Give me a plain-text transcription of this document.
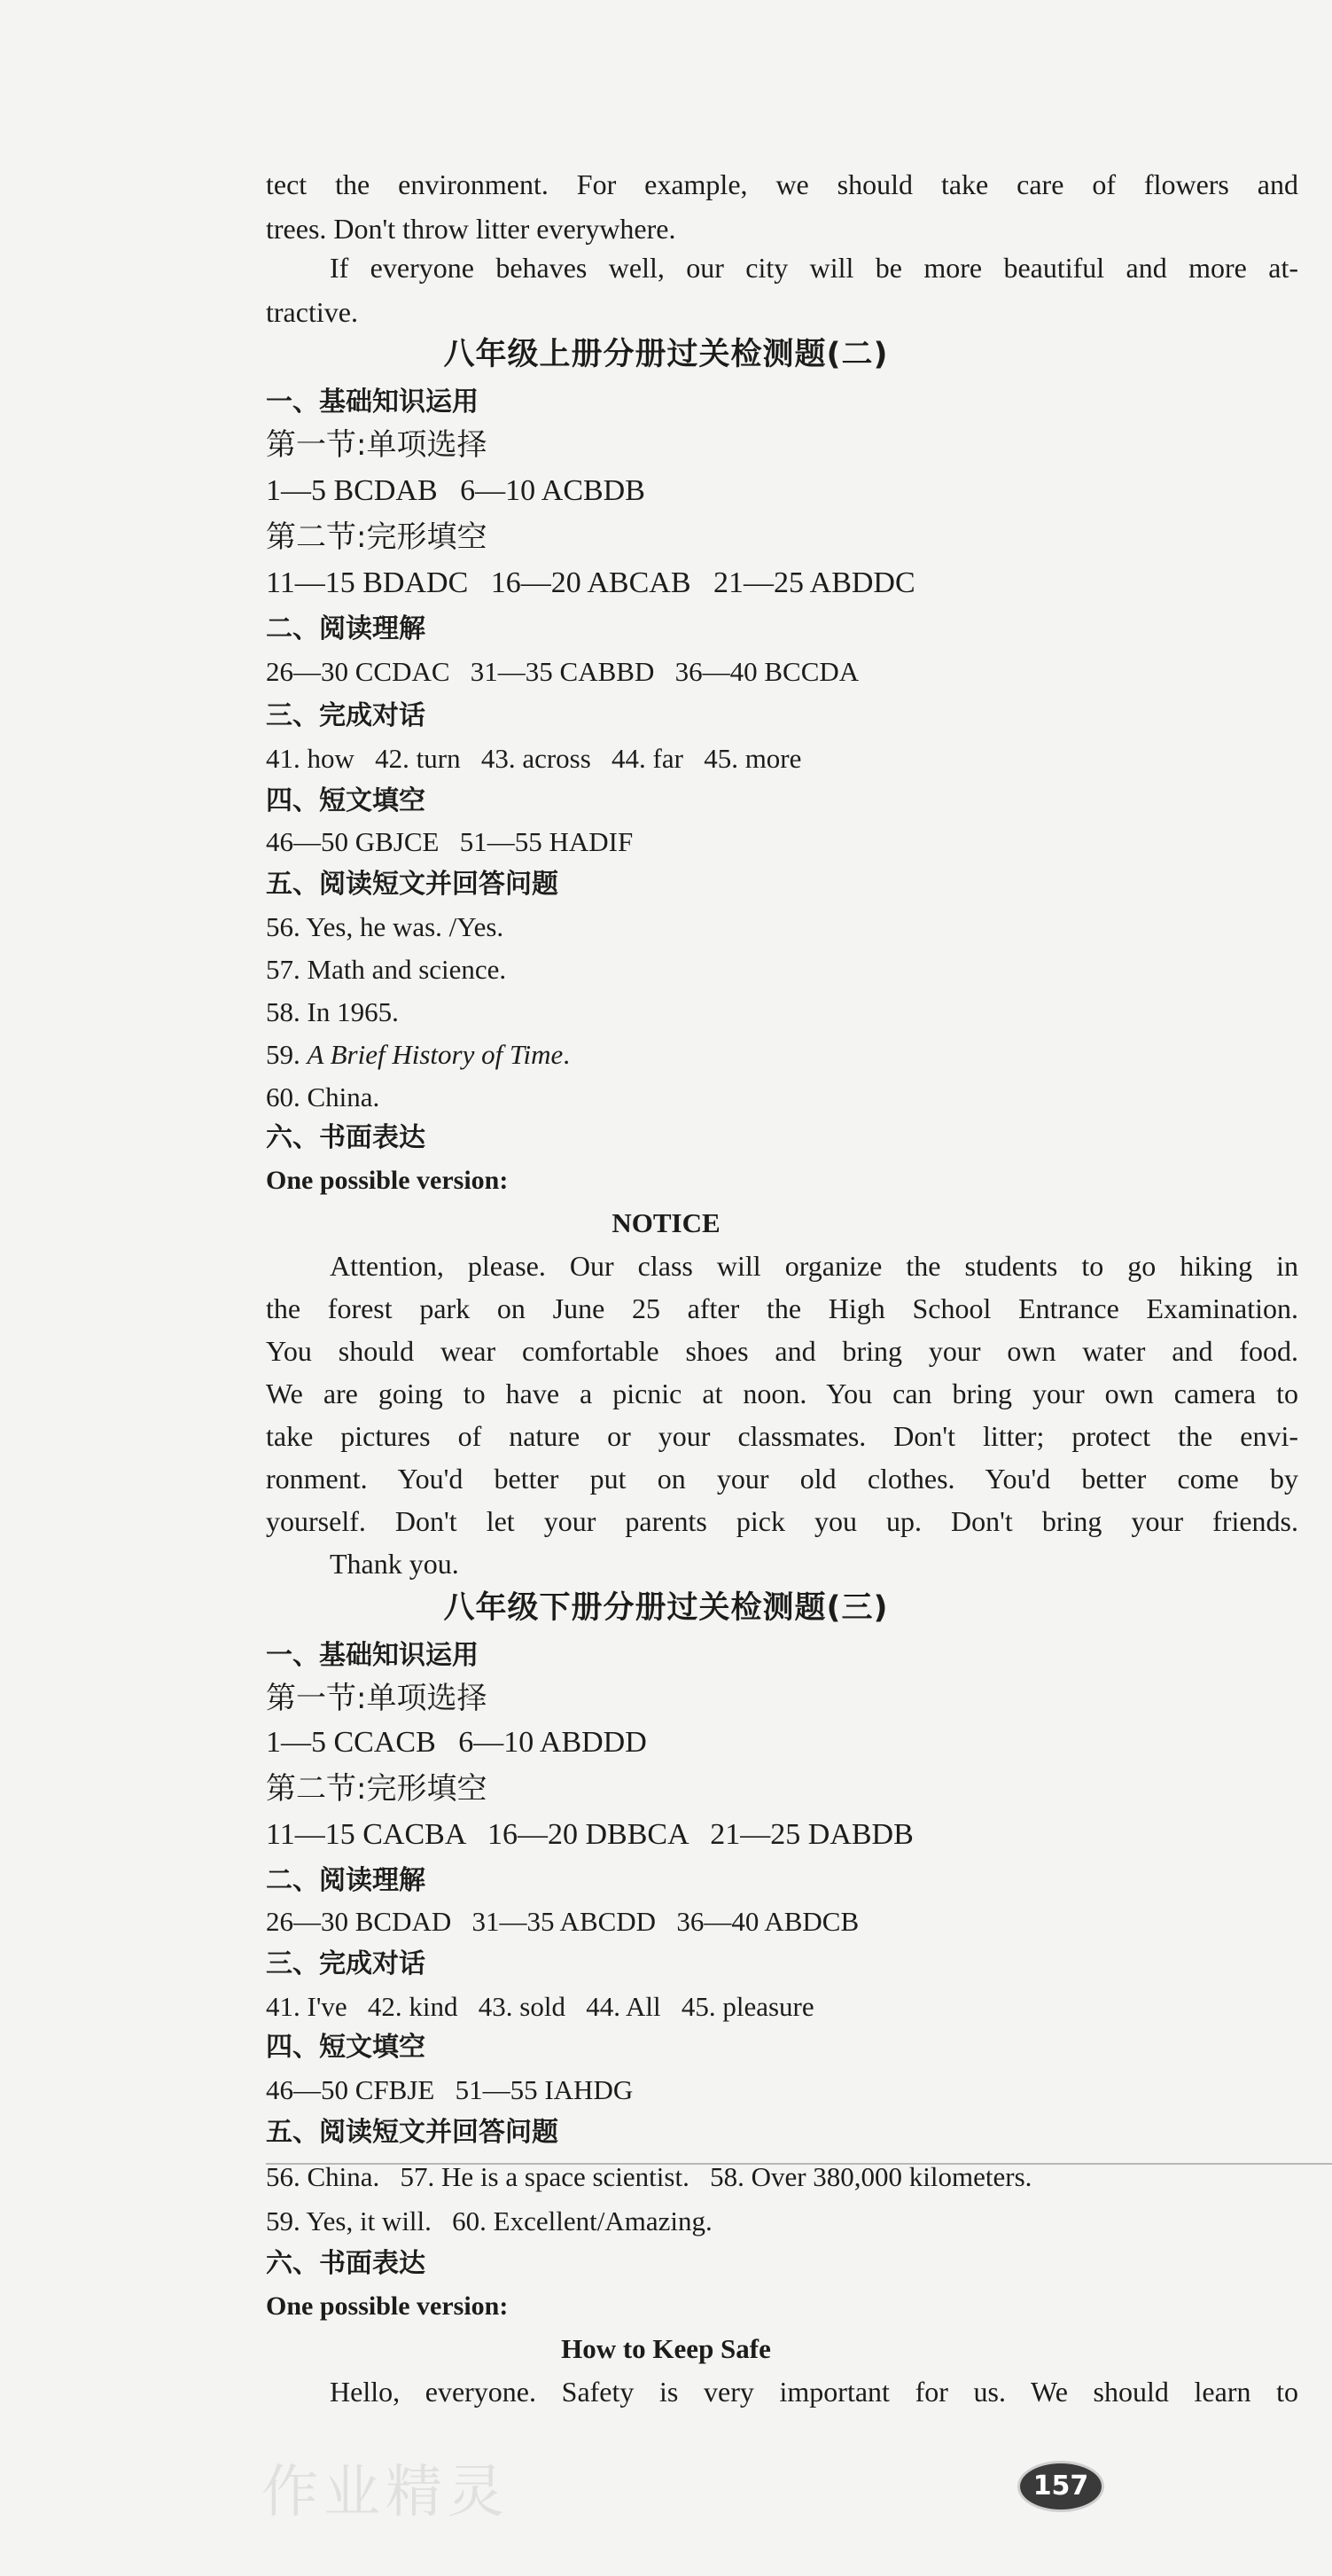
tect the environment. For example, we should take care of flowers and
trees. Don't throw litter everywhere.
If everyone behaves well, our city will be more beautiful and more at-
tractive.
八年级上册分册过关检测题(二)
一、基础知识运用
第一节:单项选择
1—5 BCDAB   6—10 ACBDB
第二节:完形填空
11—15 BDADC   16—20 ABCAB   21—25 ABDDC
二、阅读理解
26—30 CCDAC   31—35 CABBD   36—40 BCCDA
三、完成对话
41. how   42. turn   43. across   44. far   45. more
四、短文填空
46—50 GBJCE   51—55 HADIF
五、阅读短文并回答问题
56. Yes, he was. /Yes.
57. Math and science.
58. In 1965.
59. A Brief History of Time.
60. China.
六、书面表达
One possible version:
NOTICE
Attention, please. Our class will organize the students to go hiking in
the forest park on June 25 after the High School Entrance Examination.
You should wear comfortable shoes and bring your own water and food.
We are going to have a picnic at noon. You can bring your own camera to
take pictures of nature or your classmates. Don't litter; protect the envi-
ronment. You'd better put on your old clothes. You'd better come by
yourself. Don't let your parents pick you up. Don't bring your friends.
Thank you.
八年级下册分册过关检测题(三)
一、基础知识运用
第一节:单项选择
1—5 CCACB   6—10 ABDDD
第二节:完形填空
11—15 CACBA   16—20 DBBCA   21—25 DABDB
二、阅读理解
26—30 BCDAD   31—35 ABCDD   36—40 ABDCB
三、完成对话
41. I've   42. kind   43. sold   44. All   45. pleasure
四、短文填空
46—50 CFBJE   51—55 IAHDG
五、阅读短文并回答问题
56. China.   57. He is a space scientist.   58. Over 380,000 kilometers.
59. Yes, it will.   60. Excellent/Amazing.
六、书面表达
One possible version:
How to Keep Safe
Hello, everyone. Safety is very important for us. We should learn to
作业精灵	157
